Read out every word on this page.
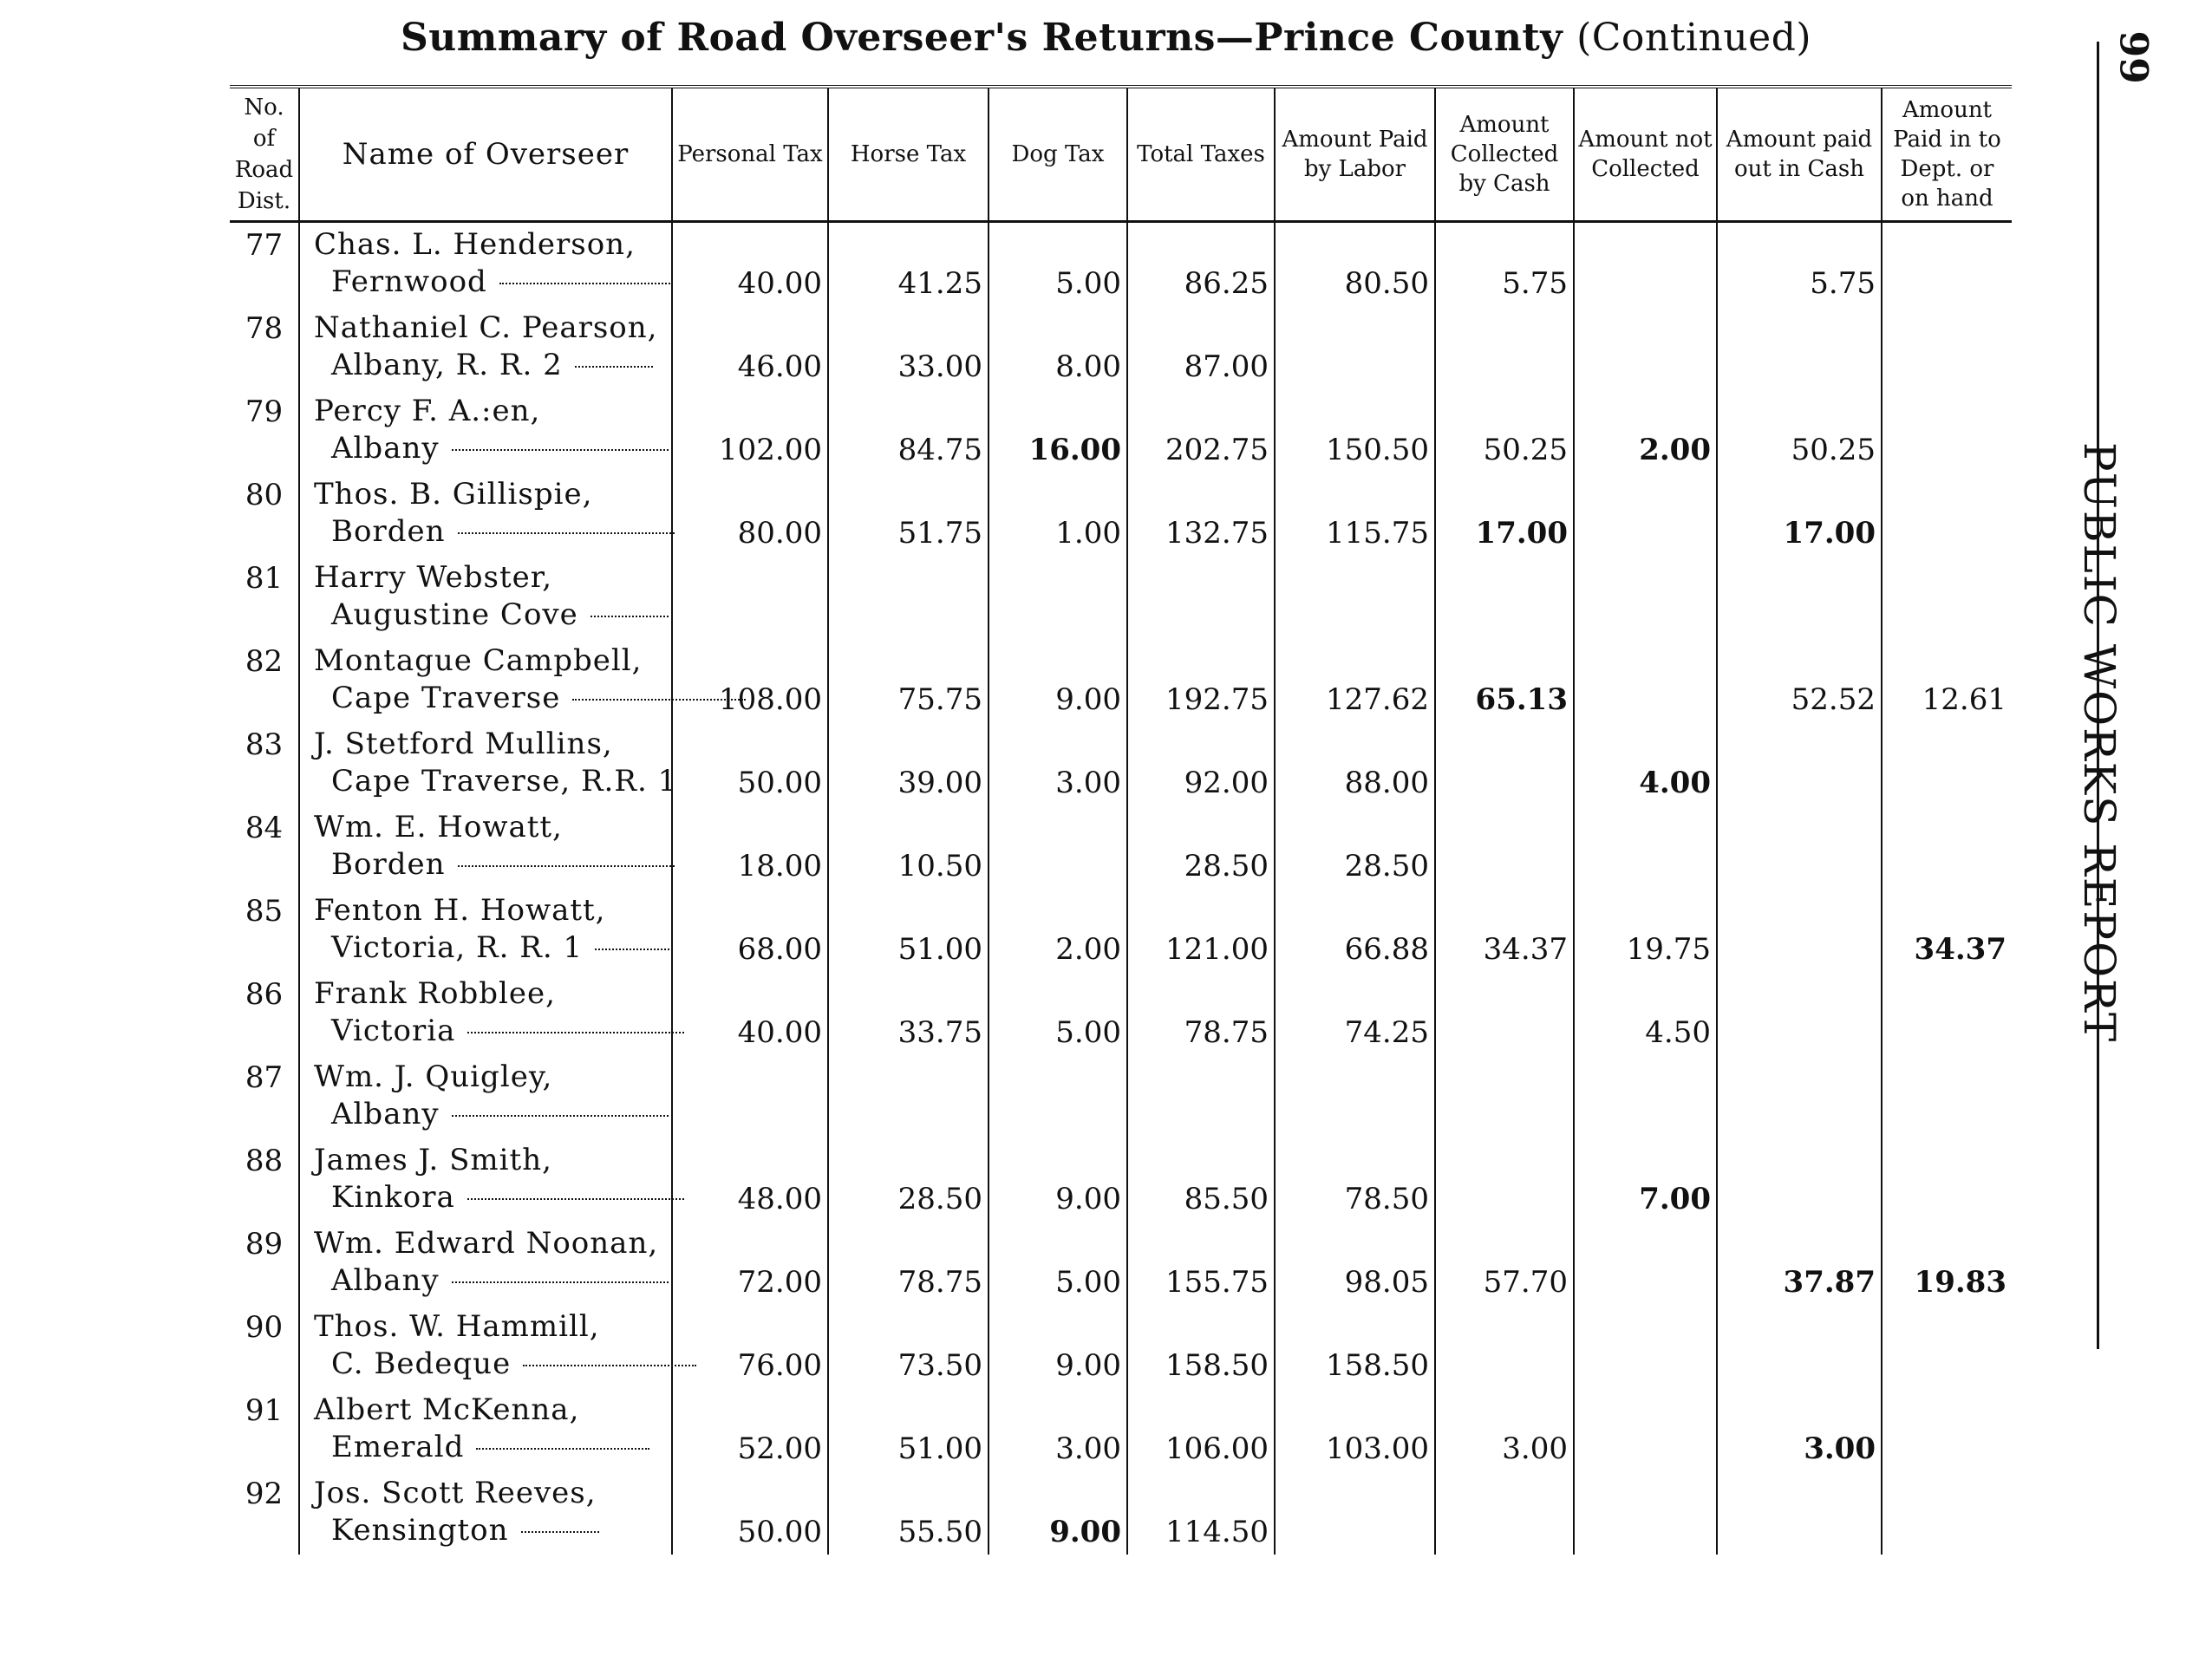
Summary of Road Overseer's Returns—Prince County (Continued)
No. of Road Dist.	Name of Overseer	Personal Tax	Horse Tax	Dog Tax	Total Taxes	Amount Paid by Labor	Amount Collected by Cash	Amount not Collected	Amount paid out in Cash	Amount Paid in to Dept. or on hand
77	Chas. L. Henderson,
Fernwood	40.00	41.25	5.00	86.25	80.50	5.75		5.75	
78	Nathaniel C. Pearson,
Albany, R. R. 2	46.00	33.00	8.00	87.00					
79	Percy F. A.:en,
Albany	102.00	84.75	16.00	202.75	150.50	50.25	2.00	50.25	
80	Thos. B. Gillispie,
Borden	80.00	51.75	1.00	132.75	115.75	17.00		17.00	
81	Harry Webster,
Augustine Cove									

82	Montague Campbell,
Cape Traverse	108.00	75.75	9.00	192.75	127.62	65.13		52.52	12.61
83	J. Stetford Mullins,
Cape Traverse, R.R. 1	50.00	39.00	3.00	92.00	88.00		4.00		
84	Wm. E. Howatt,
Borden	18.00	10.50		28.50	28.50				
85	Fenton H. Howatt,
Victoria, R. R. 1	68.00	51.00	2.00	121.00	66.88	34.37	19.75		34.37
86	Frank Robblee,
Victoria	40.00	33.75	5.00	78.75	74.25		4.50		
87	Wm. J. Quigley,
Albany									

88	James J. Smith,
Kinkora	48.00	28.50	9.00	85.50	78.50		7.00		
89	Wm. Edward Noonan,
Albany	72.00	78.75	5.00	155.75	98.05	57.70		37.87	19.83
90	Thos. W. Hammill,
C. Bedeque	76.00	73.50	9.00	158.50	158.50				
91	Albert McKenna,
Emerald	52.00	51.00	3.00	106.00	103.00	3.00		3.00	
92	Jos. Scott Reeves,
Kensington	50.00	55.50	9.00	114.50					
99
PUBLIC WORKS REPORT
